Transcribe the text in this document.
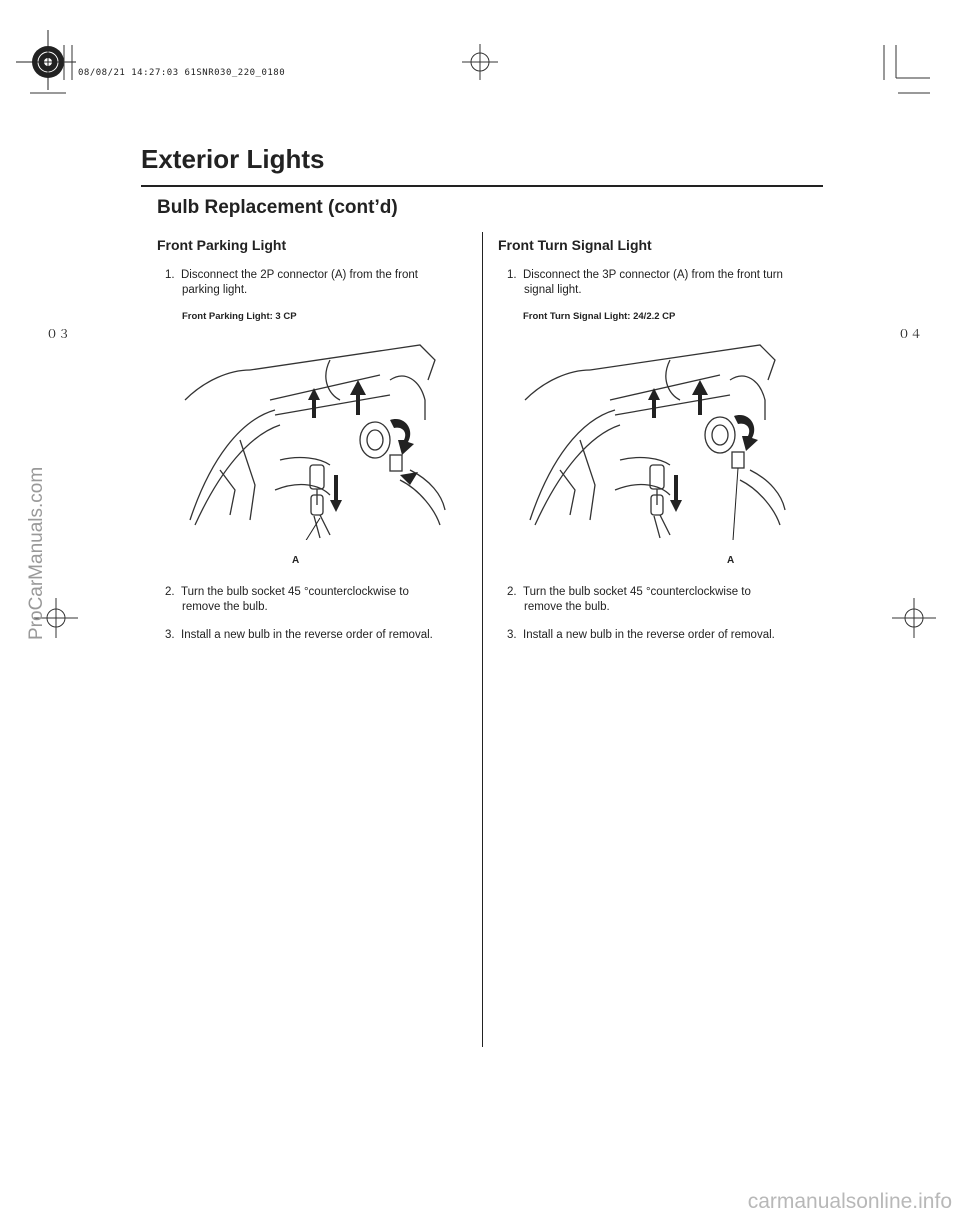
08/08/21 14:27:03 61SNR030_220_0180
０３	０４
Exterior Lights
Bulb Replacement (cont’d)
Front Parking Light
1. Disconnect the 2P connector (A) from the front
parking light.
Front Parking Light: 3 CP
A
2. Turn the bulb socket 45 °counterclockwise to
remove the bulb.
3. Install a new bulb in the reverse order of removal.
Front Turn Signal Light
1. Disconnect the 3P connector (A) from the front turn
signal light.
Front Turn Signal Light: 24/2.2 CP
A
2. Turn the bulb socket 45 °counterclockwise to
remove the bulb.
3. Install a new bulb in the reverse order of removal.
ProCarManuals.com
carmanualsonline.info
